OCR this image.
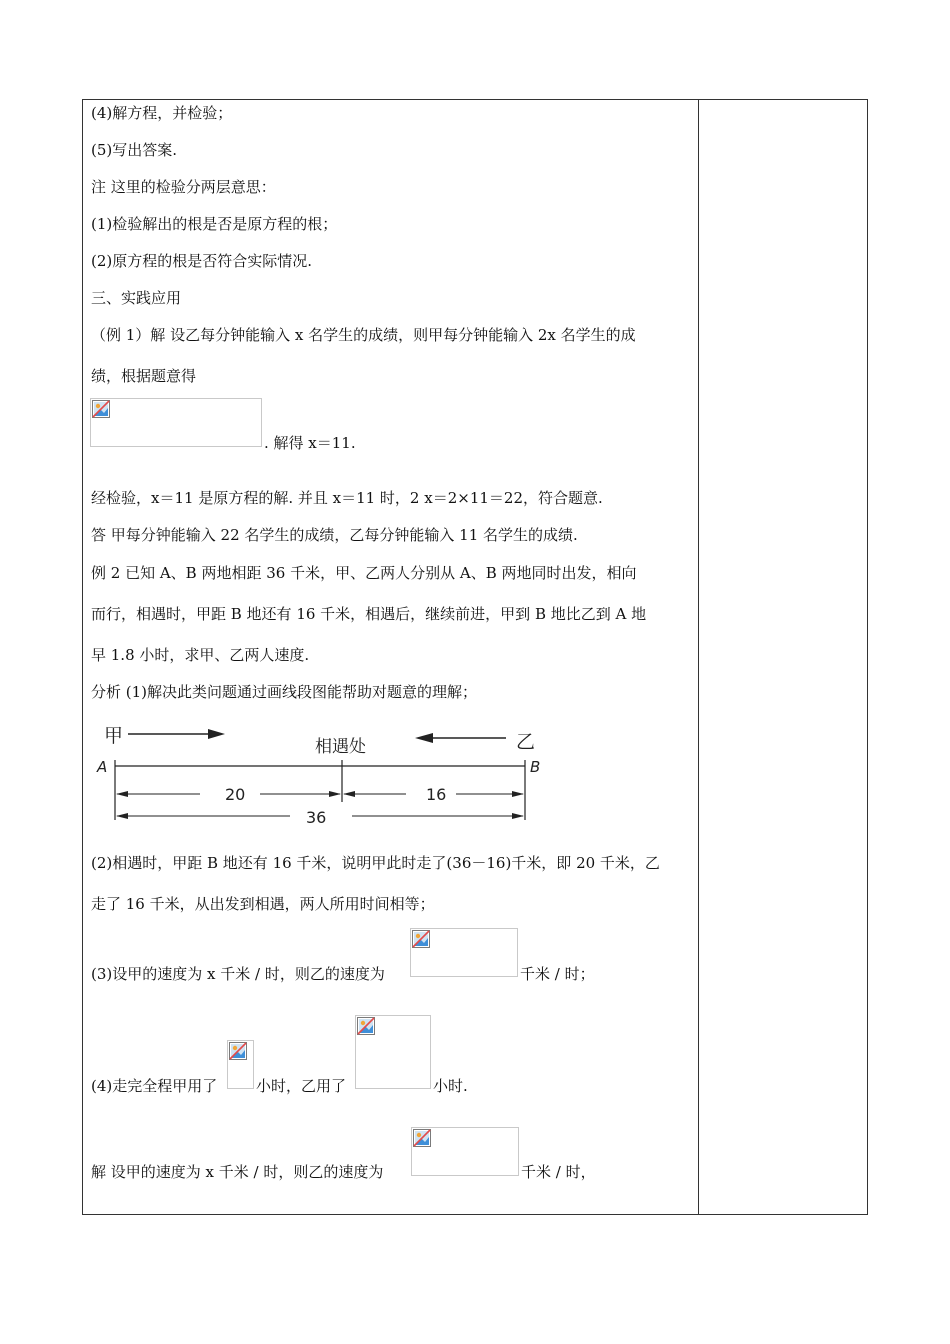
(4)解方程，并检验；
(5)写出答案.
注 这里的检验分两层意思：
(1)检验解出的根是否是原方程的根；
(2)原方程的根是否符合实际情况.
三、实践应用
（例 1）解 设乙每分钟能输入 x 名学生的成绩，则甲每分钟能输入 2x 名学生的成
绩，根据题意得
. 解得 x＝11.
经检验，x＝11 是原方程的解. 并且 x＝11 时，2 x＝2×11＝22，符合题意.
答 甲每分钟能输入 22 名学生的成绩，乙每分钟能输入 11 名学生的成绩.
例 2 已知 A、B 两地相距 36 千米，甲、乙两人分别从 A、B 两地同时出发，相向
而行，相遇时，甲距 B 地还有 16 千米，相遇后，继续前进，甲到 B 地比乙到 A 地
早 1.8 小时，求甲、乙两人速度.
分析 (1)解决此类问题通过画线段图能帮助对题意的理解；
甲	相遇处	乙
A	B
20	16
36
(2)相遇时，甲距 B 地还有 16 千米，说明甲此时走了(36－16)千米，即 20 千米，乙
走了 16 千米，从出发到相遇，两人所用时间相等；
(3)设甲的速度为 x 千米 / 时，则乙的速度为	千米 / 时；
(4)走完全程甲用了	小时，乙用了	小时.
解 设甲的速度为 x 千米 / 时，则乙的速度为	千米 / 时，
